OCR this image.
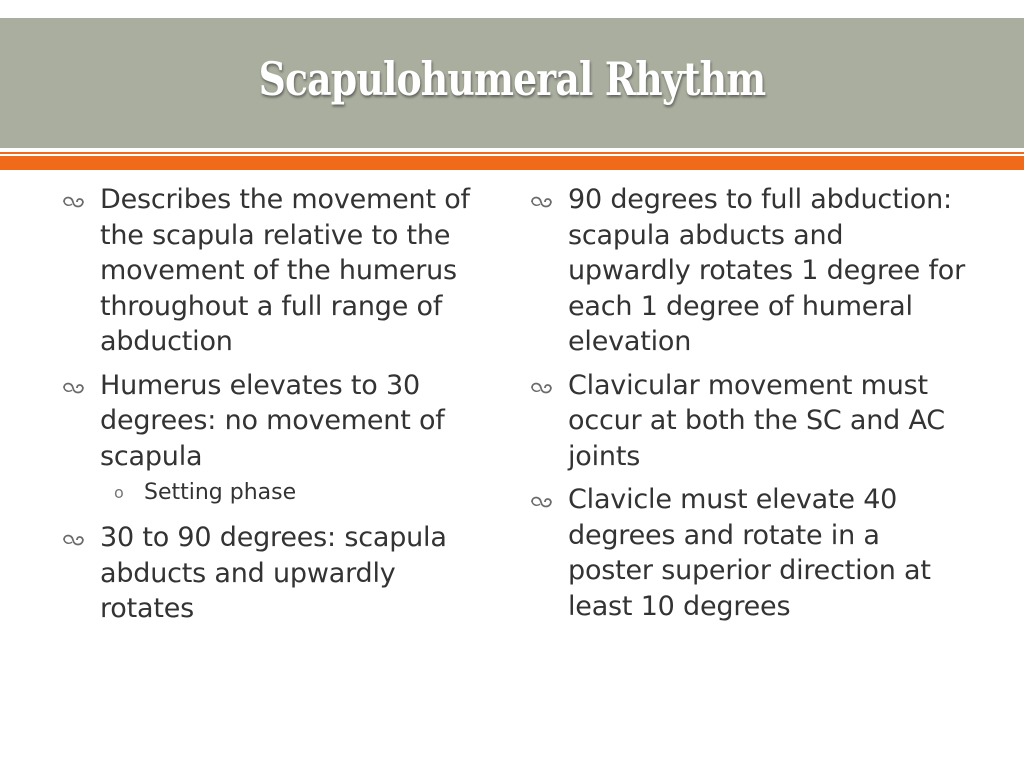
Scapulohumeral Rhythm
Describes the movement of the scapula relative to the movement of the humerus throughout a full range of abduction
Humerus elevates to 30 degrees: no movement of scapula
o Setting phase
30 to 90 degrees: scapula abducts and upwardly rotates
90 degrees to full abduction: scapula abducts and upwardly rotates 1 degree for each 1 degree of humeral elevation
Clavicular movement must occur at both the SC and AC joints
Clavicle must elevate 40 degrees and rotate in a poster superior direction at least 10 degrees
